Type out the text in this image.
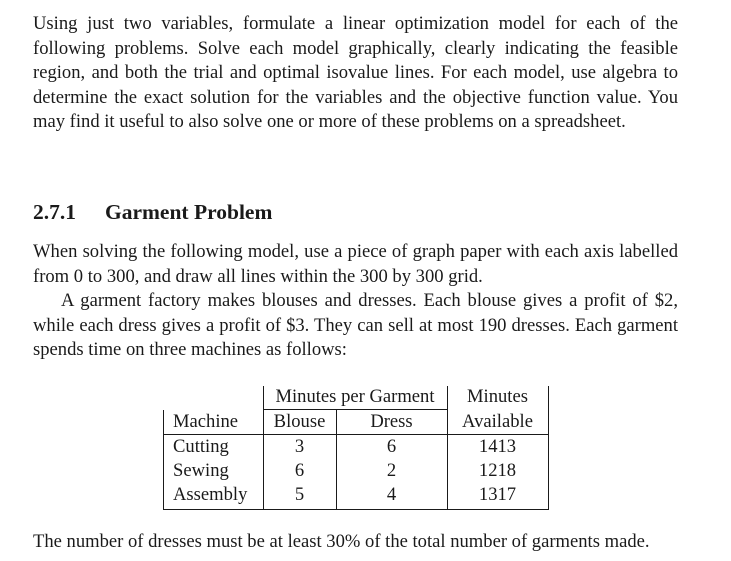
Using just two variables, formulate a linear optimization model for each of the following problems. Solve each model graphically, clearly indicating the feasible region, and both the trial and optimal isovalue lines. For each model, use algebra to determine the exact solution for the variables and the objective function value. You may find it useful to also solve one or more of these problems on a spreadsheet.

2.7.1 Garment Problem

When solving the following model, use a piece of graph paper with each axis labelled from 0 to 300, and draw all lines within the 300 by 300 grid.

A garment factory makes blouses and dresses. Each blouse gives a profit of $2, while each dress gives a profit of $3. They can sell at most 190 dresses. Each garment spends time on three machines as follows:

Minutes per Garment	Minutes
Machine	Blouse	Dress	Available
Cutting	3	6	1413
Sewing	6	2	1218
Assembly	5	4	1317

The number of dresses must be at least 30% of the total number of garments made.
